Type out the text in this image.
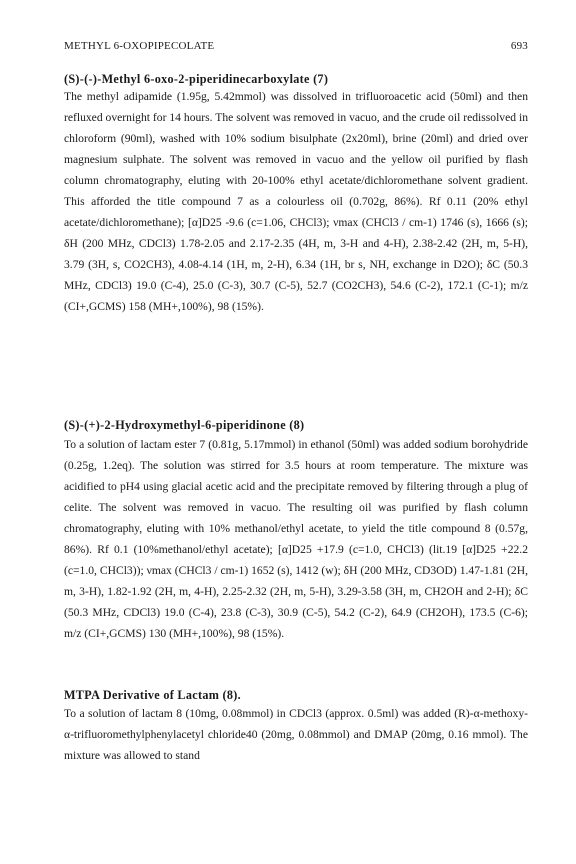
METHYL 6-OXOPIPECOLATE	693
(S)-(-)-Methyl 6-oxo-2-piperidinecarboxylate (7)

The methyl adipamide (1.95g, 5.42mmol) was dissolved in trifluoroacetic acid (50ml) and then refluxed overnight for 14 hours. The solvent was removed in vacuo, and the crude oil redissolved in chloroform (90ml), washed with 10% sodium bisulphate (2x20ml), brine (20ml) and dried over magnesium sulphate. The solvent was removed in vacuo and the yellow oil purified by flash column chromatography, eluting with 20-100% ethyl acetate/dichloromethane solvent gradient. This afforded the title compound 7 as a colourless oil (0.702g, 86%). Rf 0.11 (20% ethyl acetate/dichloromethane); [α]D25 -9.6 (c=1.06, CHCl3); νmax (CHCl3 / cm-1) 1746 (s), 1666 (s); δH (200 MHz, CDCl3) 1.78-2.05 and 2.17-2.35 (4H, m, 3-H and 4-H), 2.38-2.42 (2H, m, 5-H), 3.79 (3H, s, CO2CH3), 4.08-4.14 (1H, m, 2-H), 6.34 (1H, br s, NH, exchange in D2O); δC (50.3 MHz, CDCl3) 19.0 (C-4), 25.0 (C-3), 30.7 (C-5), 52.7 (CO2CH3), 54.6 (C-2), 172.1 (C-1); m/z (CI+,GCMS) 158 (MH+,100%), 98 (15%).

(S)-(+)-2-Hydroxymethyl-6-piperidinone (8)

To a solution of lactam ester 7 (0.81g, 5.17mmol) in ethanol (50ml) was added sodium borohydride (0.25g, 1.2eq). The solution was stirred for 3.5 hours at room temperature. The mixture was acidified to pH4 using glacial acetic acid and the precipitate removed by filtering through a plug of celite. The solvent was removed in vacuo. The resulting oil was purified by flash column chromatography, eluting with 10% methanol/ethyl acetate, to yield the title compound 8 (0.57g, 86%). Rf 0.1 (10%methanol/ethyl acetate); [α]D25 +17.9 (c=1.0, CHCl3) (lit.19 [α]D25 +22.2 (c=1.0, CHCl3)); νmax (CHCl3 / cm-1) 1652 (s), 1412 (w); δH (200 MHz, CD3OD) 1.47-1.81 (2H, m, 3-H), 1.82-1.92 (2H, m, 4-H), 2.25-2.32 (2H, m, 5-H), 3.29-3.58 (3H, m, CH2OH and 2-H); δC (50.3 MHz, CDCl3) 19.0 (C-4), 23.8 (C-3), 30.9 (C-5), 54.2 (C-2), 64.9 (CH2OH), 173.5 (C-6); m/z (CI+,GCMS) 130 (MH+,100%), 98 (15%).

MTPA Derivative of Lactam (8).

To a solution of lactam 8 (10mg, 0.08mmol) in CDCl3 (approx. 0.5ml) was added (R)-α-methoxy-α-trifluoromethylphenylacetyl chloride40 (20mg, 0.08mmol) and DMAP (20mg, 0.16 mmol). The mixture was allowed to stand
